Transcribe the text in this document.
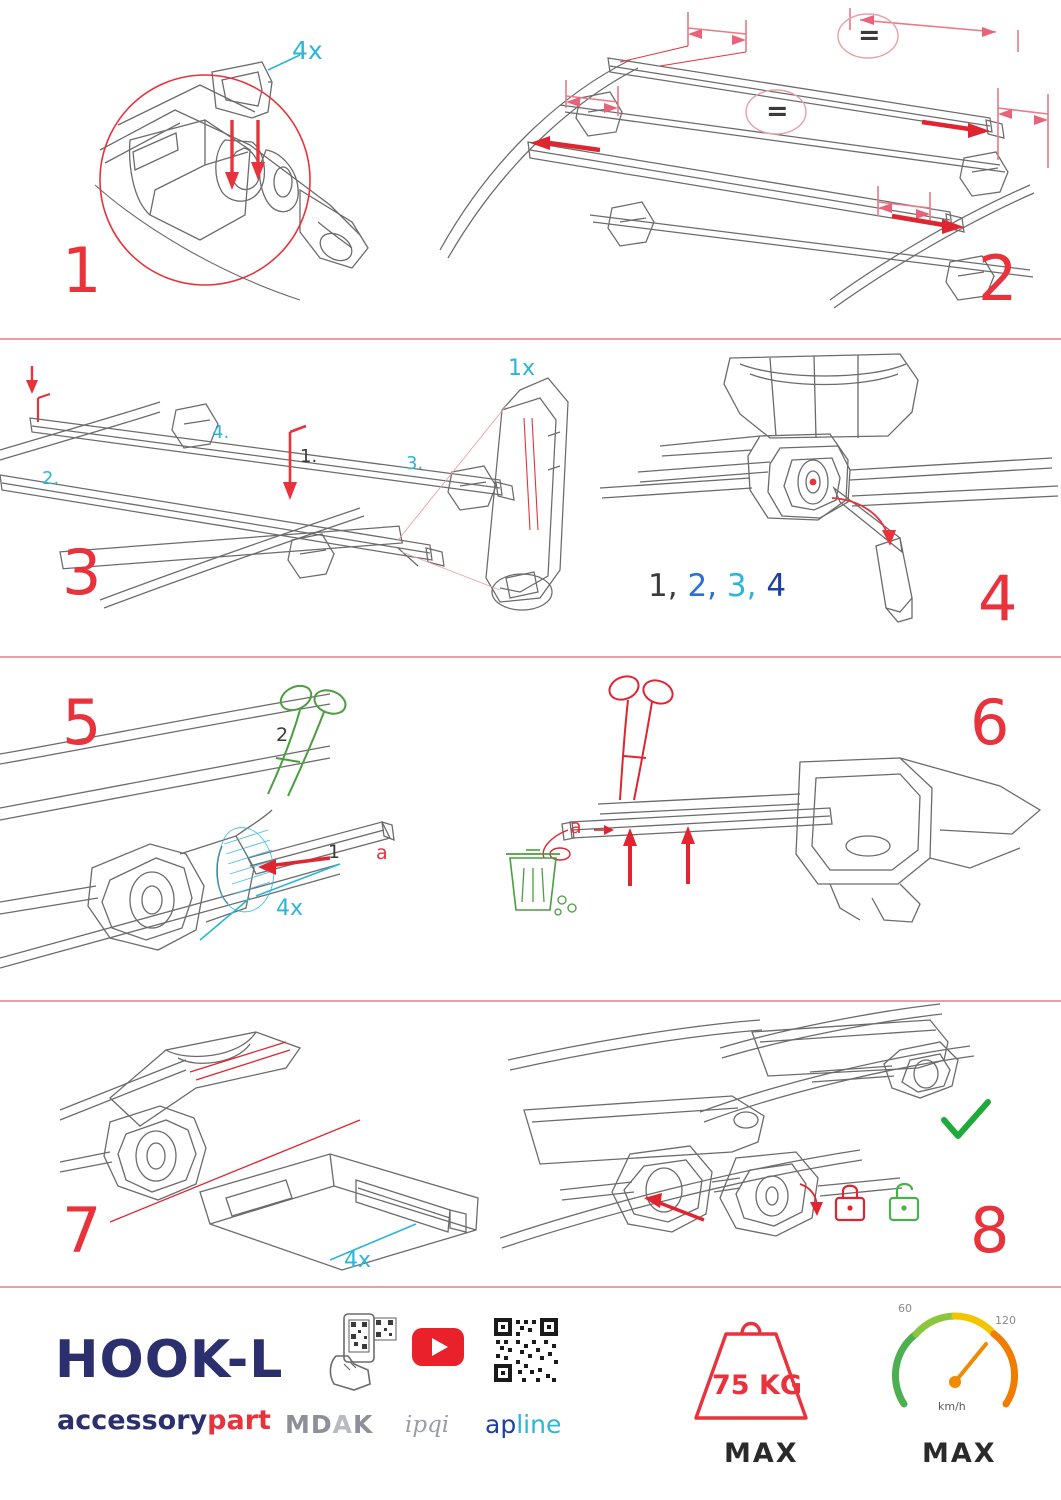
4x
1
=
=
2
1.
2.
3.
4.
1x
3	1, 2, 3, 4	4
5	2
1 a
4x
6
a
7	4x	8
HOOK-L
accessorypart MDAK ipqi apline
75 KG
MAX
60
120
km/h
MAX
